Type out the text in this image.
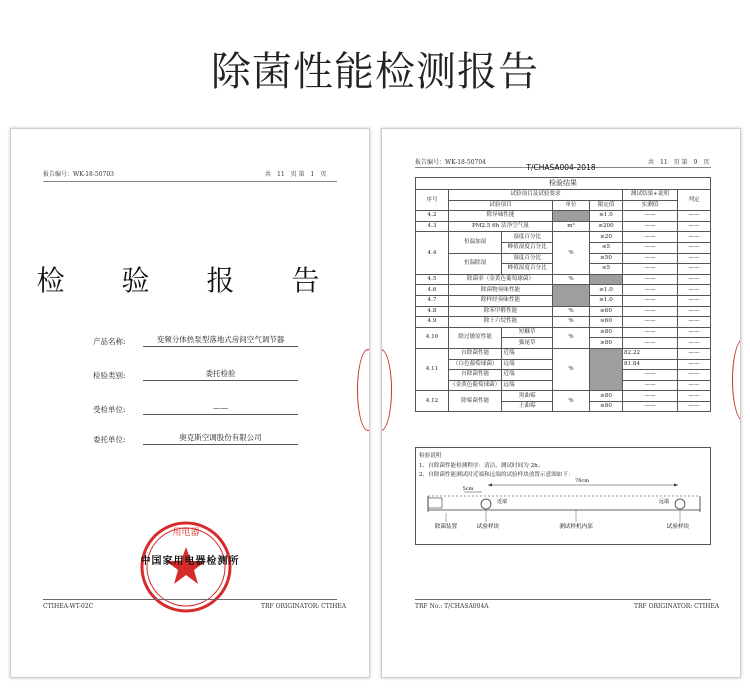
除菌性能检测报告
报告编号：WK-18-50703	共　11　页 第　1　页
检 验 报 告
产品名称:	变频分体热泵型落地式房间空气调节器
检验类别:	委托检验
受检单位:	——
委托单位:	奥克斯空调股份有限公司
用电器
中国家用电器检测所
CTIHEA-WT-02C	TRF ORIGINATOR: CTIHEA
报告编号：WK-18-50704	共　11　页 第　9　页
T/CHASA004-2018
检验结果						
序号	试验项目及试验要求				测试结果+说明	判定
	试验项目		单位	限定值	实测值	
4.2	除异味性能			≥1.0	——	——
4.3	PM2.5 6h 洁净空气量		m³	≥200	——	——
4.4	恒温加湿	湿度百分比	%	≥20	——	——
		峰值湿度百分比		≤5	——	——
	恒温除湿	湿度百分比		≥50	——	——
		峰值湿度百分比		≤5	——	——
4.5	除菌率（金黄色葡萄球菌）		%		——	——
4.6	除菌物臭味性能			≥1.0	——	——
4.7	除样经臭味性能			≥1.0	——	——
4.8	除苯甲醛性能		%	≥60	——	——
4.9	除十六烷性能		%	≥60	——	——
4.10	除过敏原性能	短糠草	%	≥80	——	——
		猫尾草		≥80	——	——
4.11	自除菌性能	近端	%		82.22	——
	（白色葡萄球菌）	远端			81.84	——
	自除菌性能	近端			——	——
	（金黄色葡萄球菌）	远端			——	——
4.12	除霉菌性能	黑曲霉	%	≥80	——	——
		土曲霉		≥80	——	——
检验说明
1、自除菌性能检测程序：清洁，测试时间为 2h；
2、自除菌性能测试时近端和远端的试验样块放置示意图如下：
70cm
5cm
近端	远端
除菌装置	试验样块	测试样机内部	试验样块
TRF No.: T/CHASA004A	TRF ORIGINATOR: CTIHEA
